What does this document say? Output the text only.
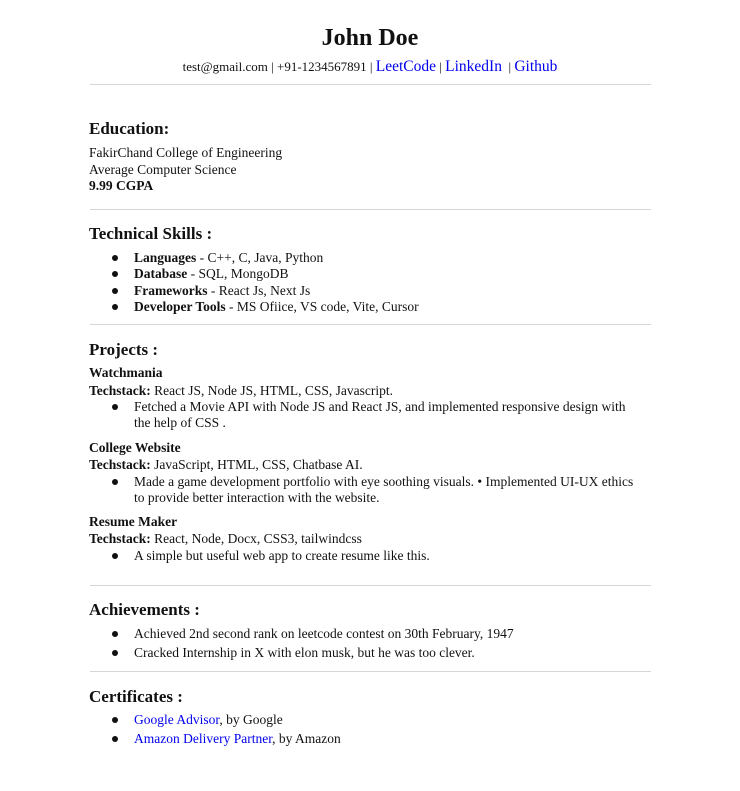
John Doe
test@gmail.com | +91-1234567891 | LeetCode | LinkedIn | Github
Education:
FakirChand College of Engineering
Average Computer Science
9.99 CGPA
Technical Skills :
Languages - C++, C, Java, Python
Database - SQL, MongoDB
Frameworks - React Js, Next Js
Developer Tools - MS Ofiice, VS code, Vite, Cursor
Projects :
Watchmania
Techstack: React JS, Node JS, HTML, CSS, Javascript.
Fetched a Movie API with Node JS and React JS, and implemented responsive design with
the help of CSS .
College Website
Techstack: JavaScript, HTML, CSS, Chatbase AI.
Made a game development portfolio with eye soothing visuals. • Implemented UI-UX ethics
to provide better interaction with the website.
Resume Maker
Techstack: React, Node, Docx, CSS3, tailwindcss
A simple but useful web app to create resume like this.
Achievements :
Achieved 2nd second rank on leetcode contest on 30th February, 1947
Cracked Internship in X with elon musk, but he was too clever.
Certificates :
Google Advisor, by Google
Amazon Delivery Partner, by Amazon
